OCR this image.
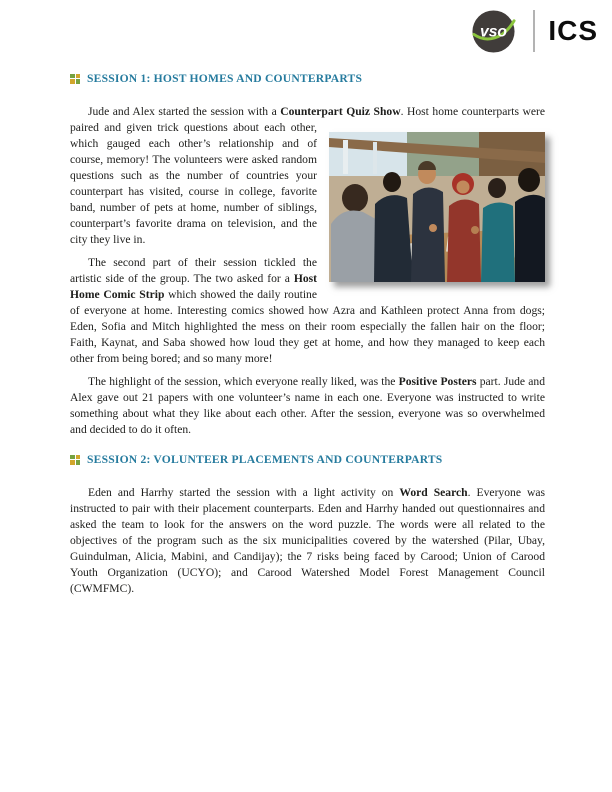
vso ICS
SESSION 1: HOST HOMES AND COUNTERPARTS

Jude and Alex started the session with a Counterpart Quiz Show. Host home
counterparts were paired and given trick questions about each other, which gauged each other’s relationship and of course, memory! The volunteers were asked random questions such as the number of countries your counterpart has visited, course in college, favorite band, number of pets at home, number of siblings, counterpart’s favorite drama on television, and the city they live in.

The second part of their session tickled the artistic side of the group. The two asked for a Host Home Comic Strip which showed the daily routine of everyone at home. Interesting comics showed how Azra and Kathleen protect Anna from dogs; Eden, Sofia and Mitch highlighted the mess on their room especially the fallen hair on the floor; Faith, Kaynat, and Saba showed how loud they get at home, and how they managed to keep each other from being bored; and so many more!

The highlight of the session, which everyone really liked, was the Positive Posters part. Jude and Alex gave out 21 papers with one volunteer’s name in each one. Everyone was instructed to write something about what they like about each other. After the session, everyone was so overwhelmed and decided to do it often.

SESSION 2: VOLUNTEER PLACEMENTS AND COUNTERPARTS

Eden and Harrhy started the session with a light activity on Word Search. Everyone was instructed to pair with their placement counterparts. Eden and Harrhy handed out questionnaires and asked the team to look for the answers on the word puzzle. The words were all related to the objectives of the program such as the six municipalities covered by the watershed (Pilar, Ubay, Guindulman, Alicia, Mabini, and Candijay); the 7 risks being faced by Carood; Union of Carood Youth Organization (UCYO); and Carood Watershed Model Forest Management Council (CWMFMC).
